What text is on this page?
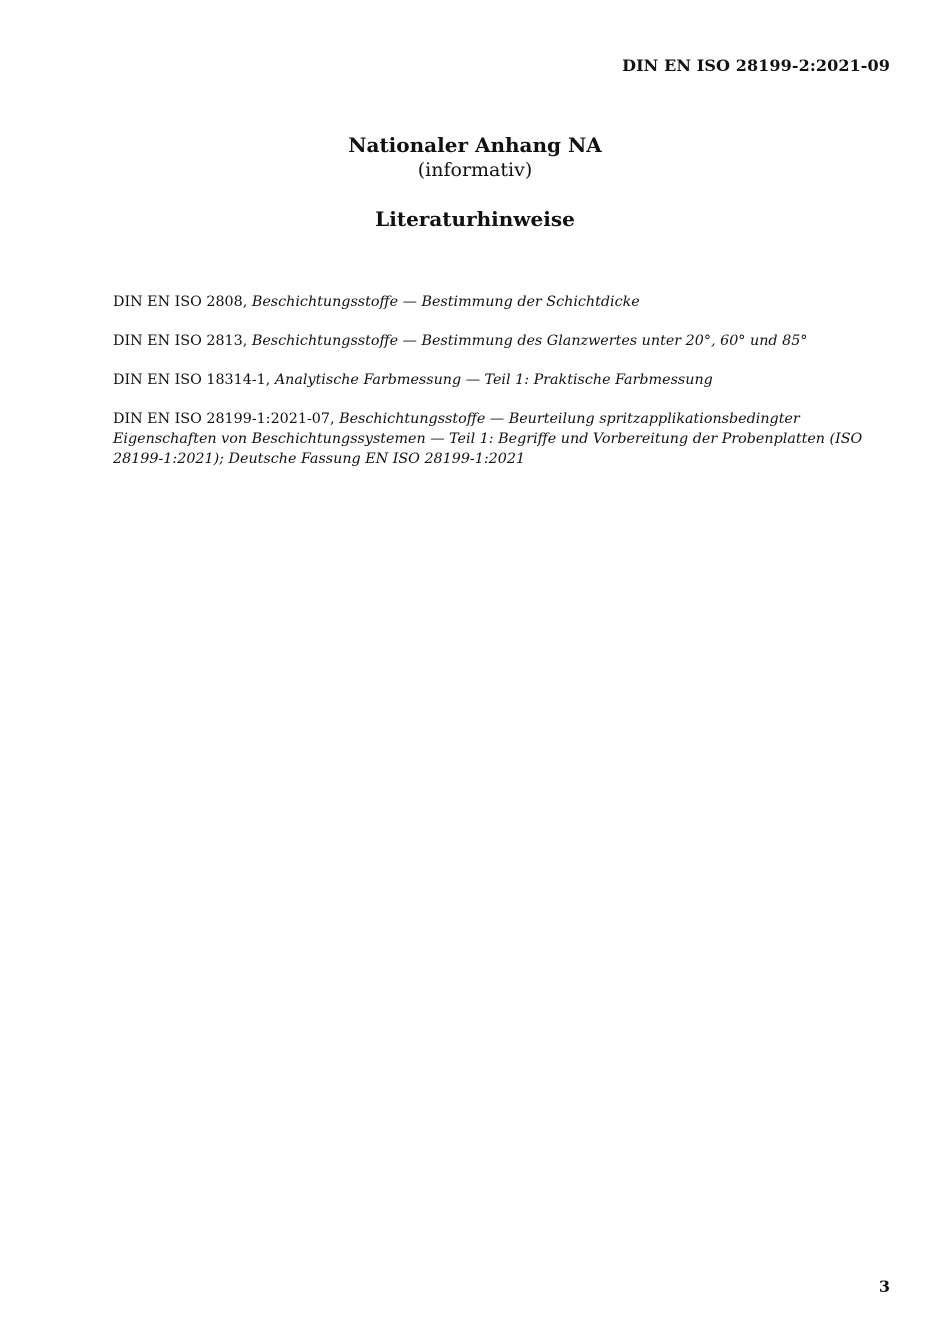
DIN EN ISO 28199-2:2021-09
Nationaler Anhang NA
(informativ)
Literaturhinweise

DIN EN ISO 2808, Beschichtungsstoffe — Bestimmung der Schichtdicke

DIN EN ISO 2813, Beschichtungsstoffe — Bestimmung des Glanzwertes unter 20°, 60° und 85°

DIN EN ISO 18314-1, Analytische Farbmessung — Teil 1: Praktische Farbmessung

DIN EN ISO 28199-1:2021-07, Beschichtungsstoffe — Beurteilung spritzapplikationsbedingter Eigenschaften von Beschichtungssystemen — Teil 1: Begriffe und Vorbereitung der Probenplatten (ISO 28199-1:2021); Deutsche Fassung EN ISO 28199-1:2021

3
